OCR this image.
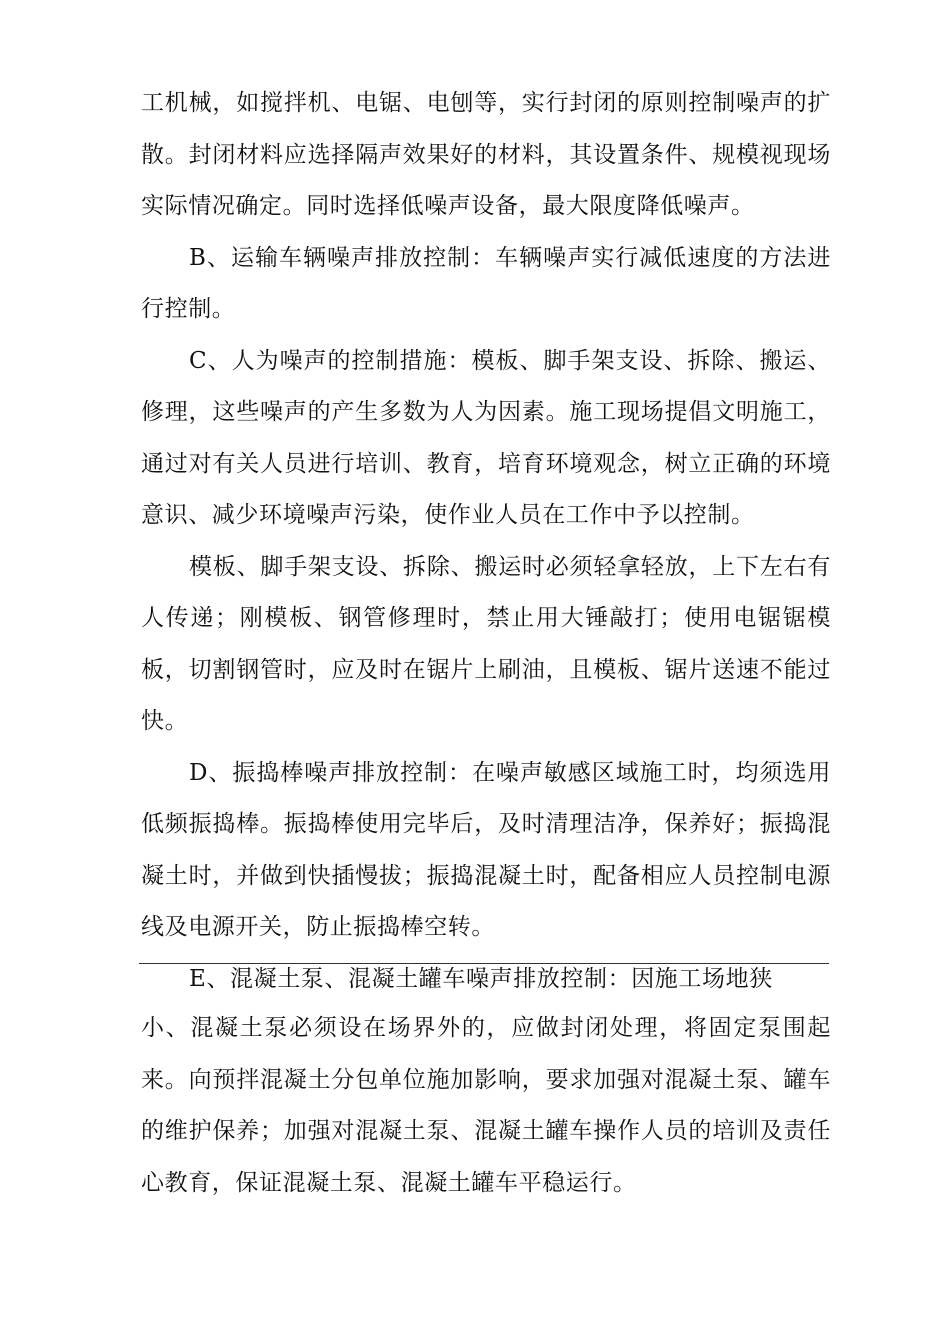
工机械，如搅拌机、电锯、电刨等，实行封闭的原则控制噪声的扩散。封闭材料应选择隔声效果好的材料，其设置条件、规模视现场实际情况确定。同时选择低噪声设备，最大限度降低噪声。

B、运输车辆噪声排放控制：车辆噪声实行减低速度的方法进行控制。

C、人为噪声的控制措施：模板、脚手架支设、拆除、搬运、修理，这些噪声的产生多数为人为因素。施工现场提倡文明施工，通过对有关人员进行培训、教育，培育环境观念，树立正确的环境意识、减少环境噪声污染，使作业人员在工作中予以控制。

模板、脚手架支设、拆除、搬运时必须轻拿轻放，上下左右有人传递；刚模板、钢管修理时，禁止用大锤敲打；使用电锯锯模板，切割钢管时，应及时在锯片上刷油，且模板、锯片送速不能过快。

D、振捣棒噪声排放控制：在噪声敏感区域施工时，均须选用低频振捣棒。振捣棒使用完毕后，及时清理洁净，保养好；振捣混凝土时，并做到快插慢拔；振捣混凝土时，配备相应人员控制电源线及电源开关，防止振捣棒空转。

E、混凝土泵、混凝土罐车噪声排放控制：因施工场地狭

小、混凝土泵必须设在场界外的，应做封闭处理，将固定泵围起来。向预拌混凝土分包单位施加影响，要求加强对混凝土泵、罐车的维护保养；加强对混凝土泵、混凝土罐车操作人员的培训及责任心教育，保证混凝土泵、混凝土罐车平稳运行。
